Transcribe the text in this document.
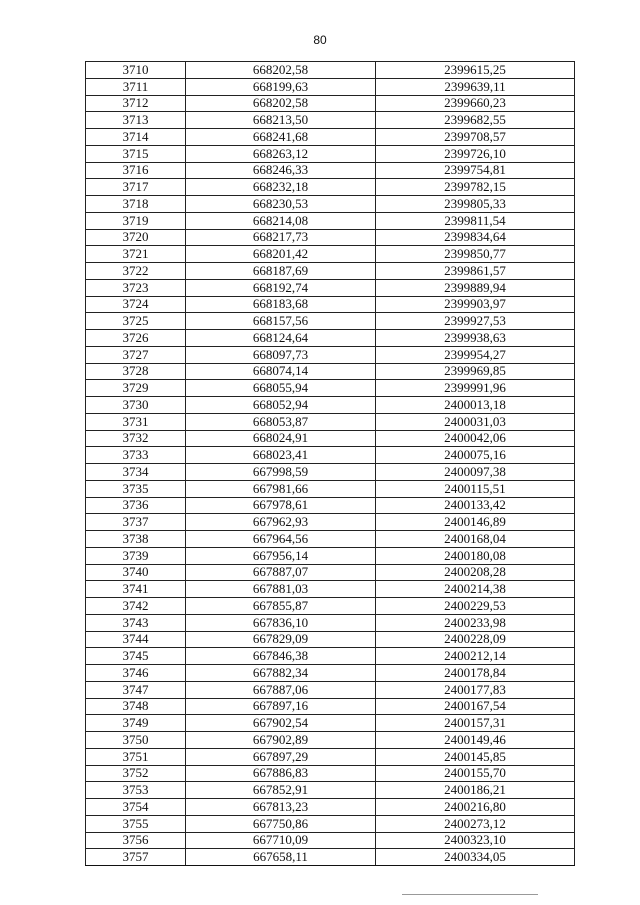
80
3710	668202,58	2399615,25
3711	668199,63	2399639,11
3712	668202,58	2399660,23
3713	668213,50	2399682,55
3714	668241,68	2399708,57
3715	668263,12	2399726,10
3716	668246,33	2399754,81
3717	668232,18	2399782,15
3718	668230,53	2399805,33
3719	668214,08	2399811,54
3720	668217,73	2399834,64
3721	668201,42	2399850,77
3722	668187,69	2399861,57
3723	668192,74	2399889,94
3724	668183,68	2399903,97
3725	668157,56	2399927,53
3726	668124,64	2399938,63
3727	668097,73	2399954,27
3728	668074,14	2399969,85
3729	668055,94	2399991,96
3730	668052,94	2400013,18
3731	668053,87	2400031,03
3732	668024,91	2400042,06
3733	668023,41	2400075,16
3734	667998,59	2400097,38
3735	667981,66	2400115,51
3736	667978,61	2400133,42
3737	667962,93	2400146,89
3738	667964,56	2400168,04
3739	667956,14	2400180,08
3740	667887,07	2400208,28
3741	667881,03	2400214,38
3742	667855,87	2400229,53
3743	667836,10	2400233,98
3744	667829,09	2400228,09
3745	667846,38	2400212,14
3746	667882,34	2400178,84
3747	667887,06	2400177,83
3748	667897,16	2400167,54
3749	667902,54	2400157,31
3750	667902,89	2400149,46
3751	667897,29	2400145,85
3752	667886,83	2400155,70
3753	667852,91	2400186,21
3754	667813,23	2400216,80
3755	667750,86	2400273,12
3756	667710,09	2400323,10
3757	667658,11	2400334,05
